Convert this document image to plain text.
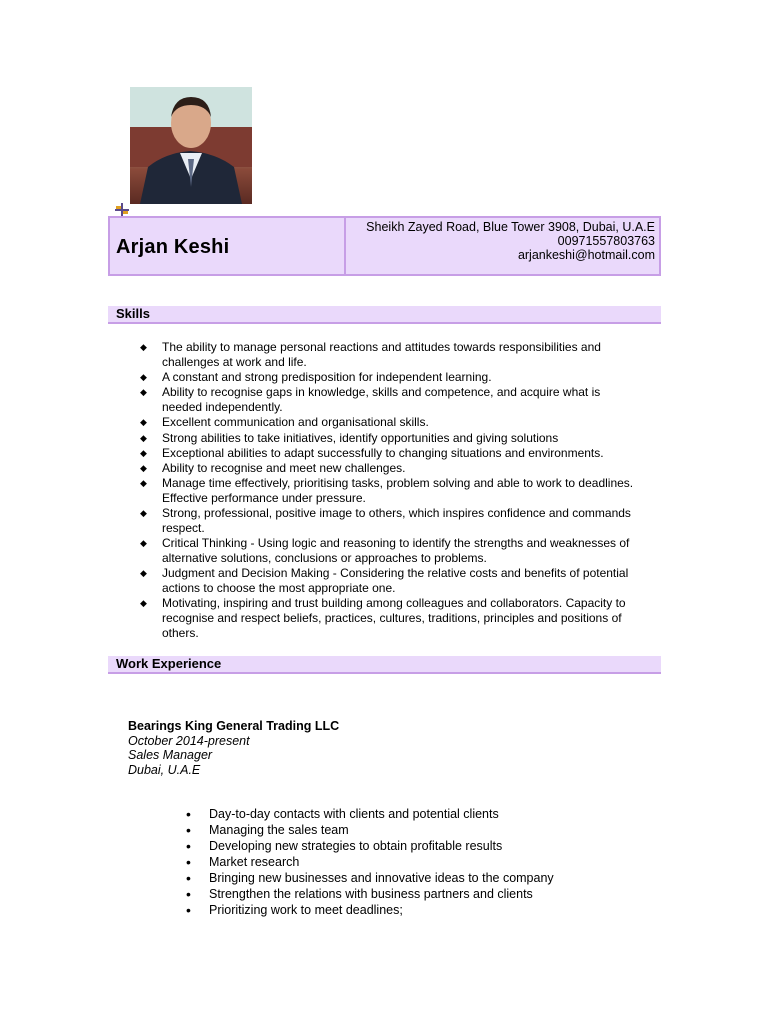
Arjan Keshi
Sheikh Zayed Road, Blue Tower 3908, Dubai, U.A.E
00971557803763
arjankeshi@hotmail.com
Skills
◆ The ability to manage personal reactions and attitudes towards responsibilities and challenges at work and life.
◆ A constant and strong predisposition for independent learning.
◆ Ability to recognise gaps in knowledge, skills and competence, and acquire what is needed independently.
◆ Excellent communication and organisational skills.
◆ Strong abilities to take initiatives, identify opportunities and giving solutions
◆ Exceptional abilities to adapt successfully to changing situations and environments.
◆ Ability to recognise and meet new challenges.
◆ Manage time effectively, prioritising tasks, problem solving and able to work to deadlines. Effective performance under pressure.
◆ Strong, professional, positive image to others, which inspires confidence and commands respect.
◆ Critical Thinking - Using logic and reasoning to identify the strengths and weaknesses of alternative solutions, conclusions or approaches to problems.
◆ Judgment and Decision Making - Considering the relative costs and benefits of potential actions to choose the most appropriate one.
◆ Motivating, inspiring and trust building among colleagues and collaborators. Capacity to recognise and respect beliefs, practices, cultures, traditions, principles and positions of others.
Work Experience
Bearings King General Trading LLC
October 2014-present
Sales Manager
Dubai, U.A.E
• Day-to-day contacts with clients and potential clients
• Managing the sales team
• Developing new strategies to obtain profitable results
• Market research
• Bringing new businesses and innovative ideas to the company
• Strengthen the relations with business partners and clients
• Prioritizing work to meet deadlines;
